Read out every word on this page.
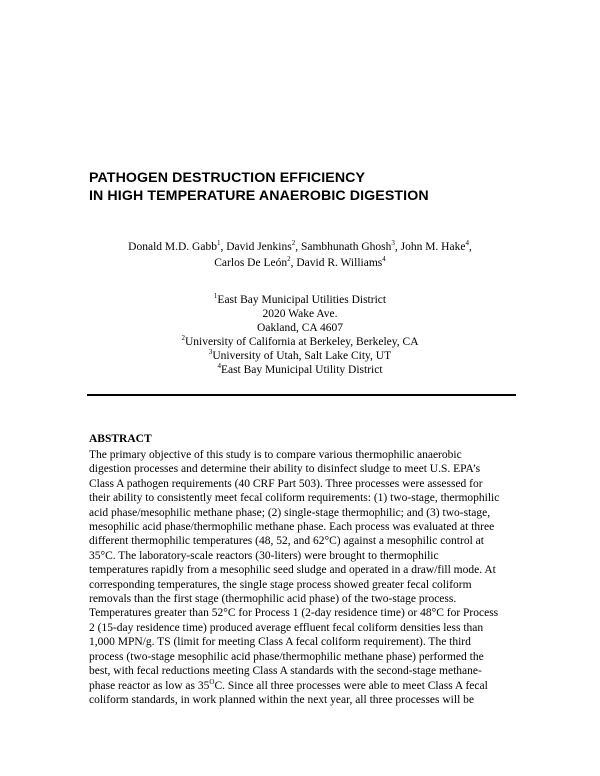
PATHOGEN DESTRUCTION EFFICIENCY
IN HIGH TEMPERATURE ANAEROBIC DIGESTION
Donald M.D. Gabb$^1$, David Jenkins$^2$, Sambhunath Ghosh$^3$, John M. Hake$^4$, Carlos De León$^2$, David R. Williams$^4$
$^1$East Bay Municipal Utilities District
2020 Wake Ave.
Oakland, CA 4607
$^2$University of California at Berkeley, Berkeley, CA
$^3$University of Utah, Salt Lake City, UT
$^4$East Bay Municipal Utility District
ABSTRACT
The primary objective of this study is to compare various thermophilic anaerobic
digestion processes and determine their ability to disinfect sludge to meet U.S. EPA’s
Class A pathogen requirements (40 CRF Part 503). Three processes were assessed for
their ability to consistently meet fecal coliform requirements: (1) two-stage, thermophilic
acid phase/mesophilic methane phase; (2) single-stage thermophilic; and (3) two-stage,
mesophilic acid phase/thermophilic methane phase. Each process was evaluated at three
different thermophilic temperatures (48, 52, and 62°C) against a mesophilic control at
35°C. The laboratory-scale reactors (30-liters) were brought to thermophilic
temperatures rapidly from a mesophilic seed sludge and operated in a draw/fill mode. At
corresponding temperatures, the single stage process showed greater fecal coliform
removals than the first stage (thermophilic acid phase) of the two-stage process.
Temperatures greater than 52°C for Process 1 (2-day residence time) or 48°C for Process
2 (15-day residence time) produced average effluent fecal coliform densities less than
1,000 MPN/g. TS (limit for meeting Class A fecal coliform requirement). The third
process (two-stage mesophilic acid phase/thermophilic methane phase) performed the
best, with fecal reductions meeting Class A standards with the second-stage methane-
phase reactor as low as $35^OC$. Since all three processes were able to meet Class A fecal
coliform standards, in work planned within the next year, all three processes will be
